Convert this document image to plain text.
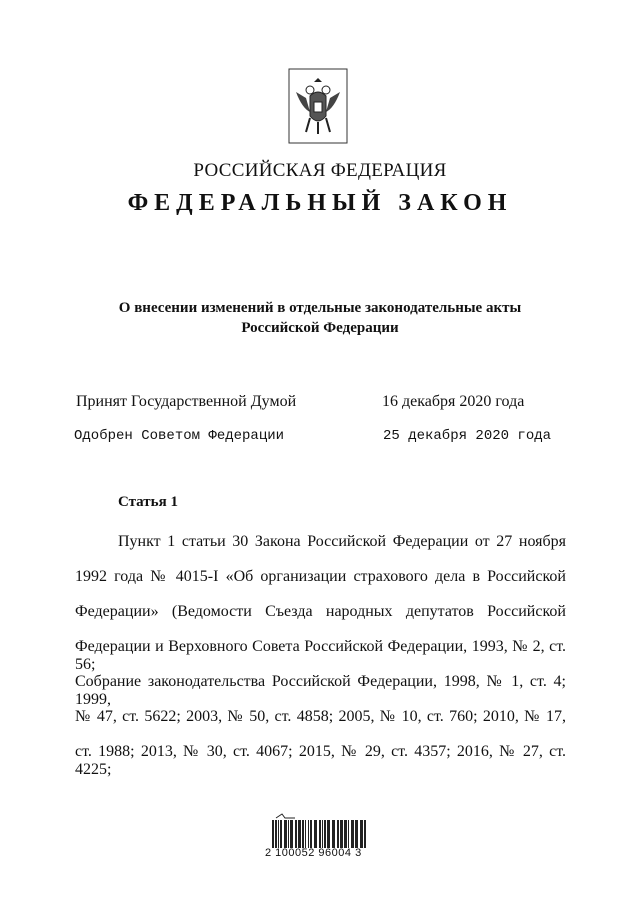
РОССИЙСКАЯ ФЕДЕРАЦИЯ
ФЕДЕРАЛЬНЫЙ ЗАКОН
О внесении изменений в отдельные законодательные акты
Российской Федерации
Принят Государственной Думой	16 декабря 2020 года
Одобрен Советом Федерации	25 декабря 2020 года
Статья 1
Пункт 1 статьи 30 Закона Российской Федерации от 27 ноября
1992 года № 4015-I «Об организации страхового дела в Российской
Федерации» (Ведомости Съезда народных депутатов Российской
Федерации и Верховного Совета Российской Федерации, 1993, № 2, ст. 56;
Собрание законодательства Российской Федерации, 1998, № 1, ст. 4; 1999,
№ 47, ст. 5622; 2003, № 50, ст. 4858; 2005, № 10, ст. 760; 2010, № 17,
ст. 1988; 2013, № 30, ст. 4067; 2015, № 29, ст. 4357; 2016, № 27, ст. 4225;
2 100052 96004 3
